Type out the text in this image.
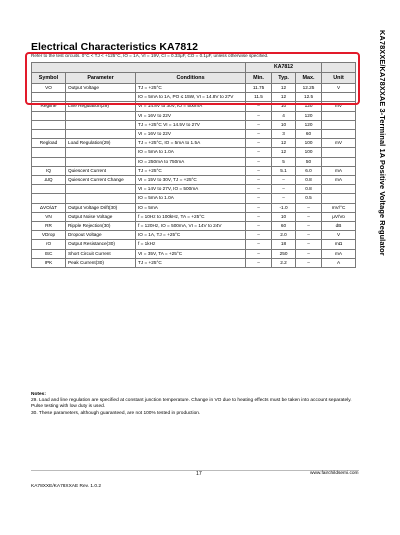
KA78XXE/KA78XXAE 3-Terminal 1A Positive Voltage Regulator
Electrical Characteristics KA7812
Refer to the test circuits. 0°C < TJ < +125°C, IO = 1A, VI = 19V, CI = 0.33μF, CO = 0.1μF, unless otherwise specified.
			KA7812			
Symbol	Parameter	Conditions	Min.	Typ.	Max.	Unit
VO	Output Voltage	TJ = +25°C	11.75	12	12.25	V
		IO = 5mA to 1A, PO ≤ 15W, VI = 14.8V to 27V	11.5	12	12.5	
Regline	Line Regulation(29)	VI = 14.8V to 30V, IO = 500mA	–	10	120	mV
		VI = 16V to 22V	–	4	120	
		TJ = +25°C VI = 14.5V to 27V	–	10	120	
		VI = 16V to 22V	–	3	60	
Regload	Load Regulation(29)	TJ = +25°C, IO = 5mA to 1.5A	–	12	100	mV
		IO = 5mA to 1.0A	–	12	100	
		IO = 250mA to 750mA	–	5	50	
IQ	Quiescent Current	TJ = +25°C	–	5.1	6.0	mA
ΔIQ	Quiescent Current Change	VI = 15V to 30V, TJ = +25°C	–	–	0.8	mA
		VI = 14V to 27V, IO = 500mA	–	–	0.8	
		IO = 5mA to 1.0A	–	–	0.5	
ΔVO/ΔT	Output Voltage Drift(30)	IO = 5mA	–	-1.0	–	mV/°C
VN	Output Noise Voltage	f = 10Hz to 100kHz, TA = +25°C	–	10	–	μV/Vo
RR	Ripple Rejection(30)	f = 120Hz, IO = 500mA, VI = 14V to 24V	–	60	–	dB
VDrop	Dropout Voltage	IO = 1A, TJ = +25°C	–	2.0	–	V
rO	Output Resistance(30)	f = 1kHz	–	18	–	mΩ
ISC	Short Circuit Current	VI = 35V, TA = +25°C	–	250	–	mA
IPK	Peak Current(30)	TJ = +25°C	–	2.2	–	A
Notes:
29. Load and line regulation are specified at constant junction temperature. Change in VO due to heating effects must be taken into account separately. Pulse testing with low duty is used.
30. These parameters, although guaranteed, are not 100% tested in production.
17	www.fairchildsemi.com
KA78XXE/KA78XXAE Rev. 1.0.2
